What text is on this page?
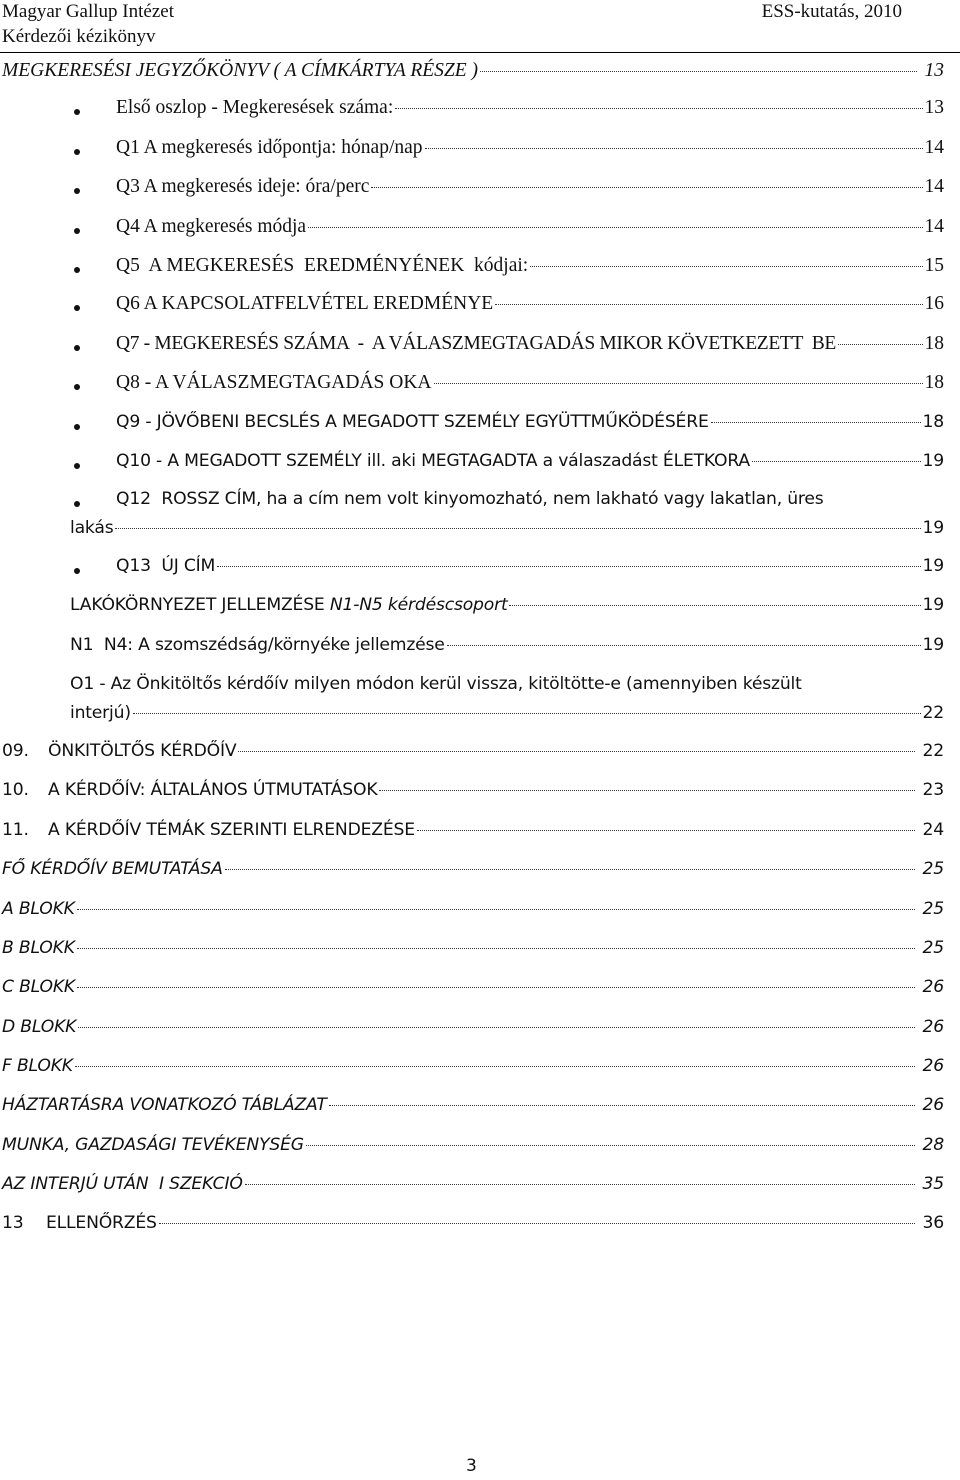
Magyar Gallup Intézet	ESS-kutatás, 2010
Kérdezői kézikönyv
MEGKERESÉSI JEGYZŐKÖNYV ( A CÍMKÁRTYA RÉSZE )	13
Első oszlop - Megkeresések száma:	13
Q1 A megkeresés időpontja: hónap/nap	14
Q3 A megkeresés ideje: óra/perc	14
Q4 A megkeresés módja	14
Q5  A MEGKERESÉS  EREDMÉNYÉNEK  kódjai:	15
Q6 A KAPCSOLATFELVÉTEL EREDMÉNYE	16
Q7 - MEGKERESÉS SZÁMA  -  A VÁLASZMEGTAGADÁS MIKOR KÖVETKEZETT  BE	18
Q8 - A VÁLASZMEGTAGADÁS OKA	18
Q9 - JÖVŐBENI BECSLÉS A MEGADOTT SZEMÉLY EGYÜTTMŰKÖDÉSÉRE	18
Q10 - A MEGADOTT SZEMÉLY ill. aki MEGTAGADTA a válaszadást ÉLETKORA	19
Q12  ROSSZ CÍM, ha a cím nem volt kinyomozható, nem lakható vagy lakatlan, üres
lakás	19
Q13  ÚJ CÍM	19
LAKÓKÖRNYEZET JELLEMZÉSE N1-N5 kérdéscsoport	19
N1  N4: A szomszédság/környéke jellemzése	19
O1 - Az Önkitöltős kérdőív milyen módon kerül vissza, kitöltötte-e (amennyiben készült
interjú)	22
09.	ÖNKITÖLTŐS KÉRDŐÍV	22
10.	A KÉRDŐÍV: ÁLTALÁNOS ÚTMUTATÁSOK	23
11.	A KÉRDŐÍV TÉMÁK SZERINTI ELRENDEZÉSE	24
FŐ KÉRDŐÍV BEMUTATÁSA	25
A BLOKK	25
B BLOKK	25
C BLOKK	26
D BLOKK	26
F BLOKK	26
HÁZTARTÁSRA VONATKOZÓ TÁBLÁZAT	26
MUNKA, GAZDASÁGI TEVÉKENYSÉG	28
AZ INTERJÚ UTÁN  I SZEKCIÓ	35
13	ELLENŐRZÉS	36
3
